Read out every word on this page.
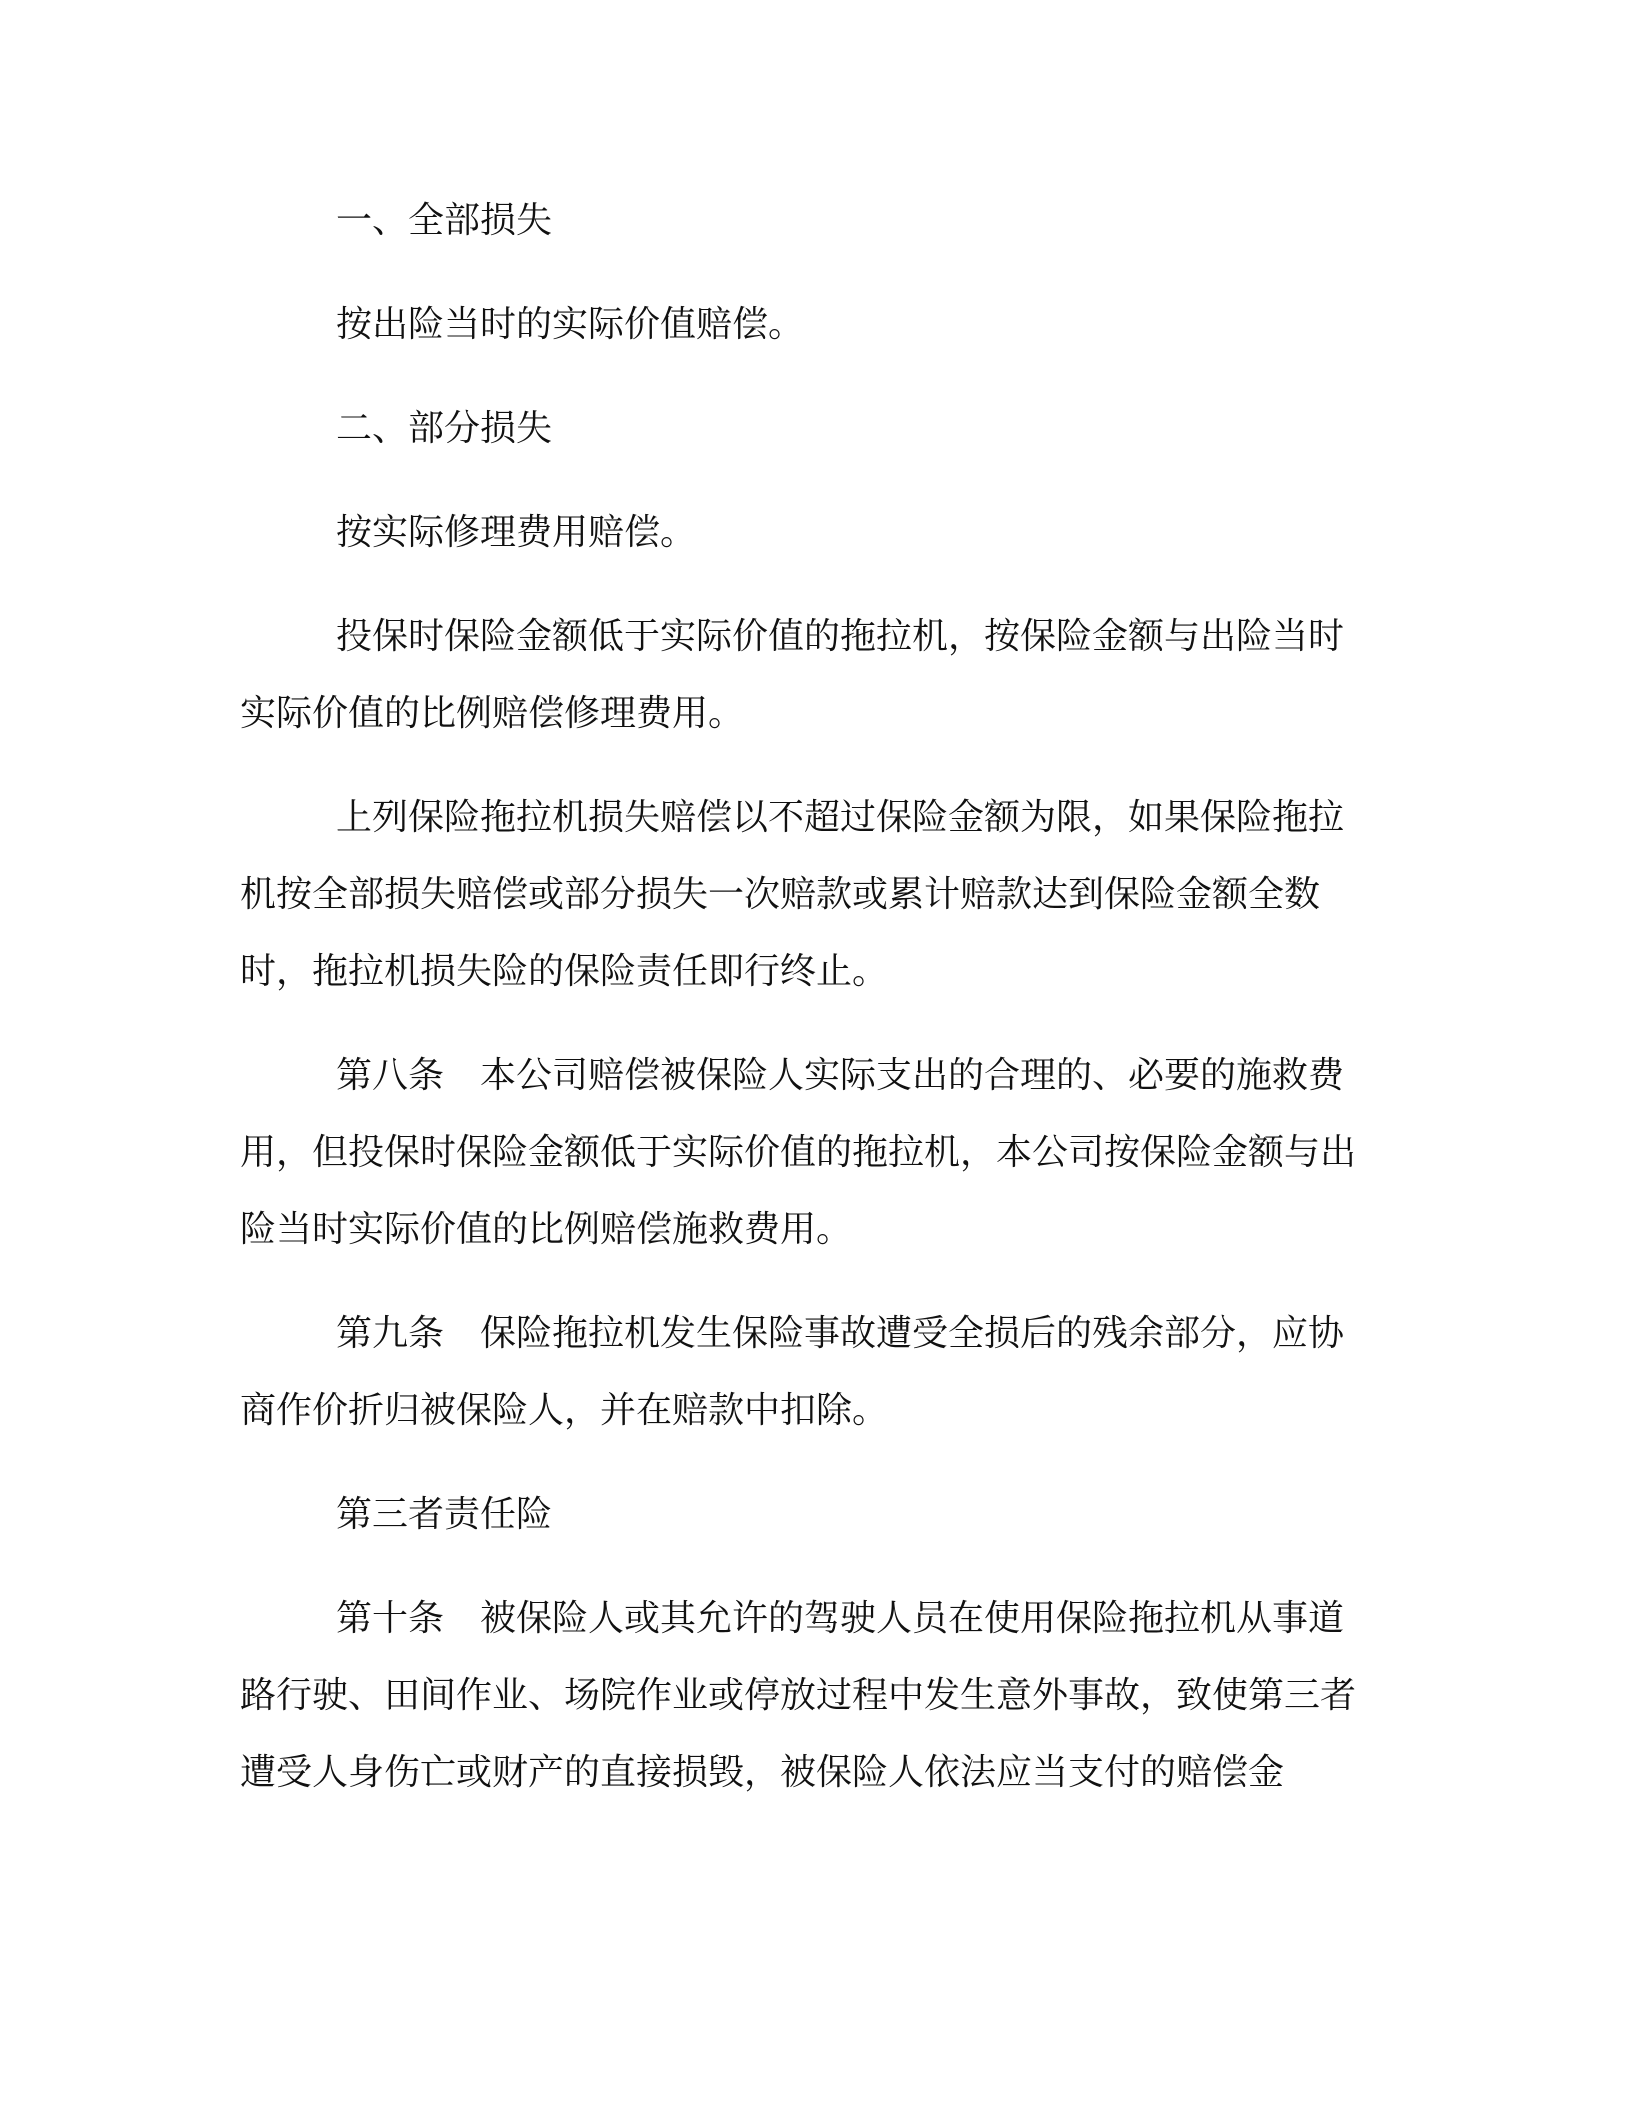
一、全部损失

按出险当时的实际价值赔偿。

二、部分损失

按实际修理费用赔偿。

投保时保险金额低于实际价值的拖拉机，按保险金额与出险当时实际价值的比例赔偿修理费用。

上列保险拖拉机损失赔偿以不超过保险金额为限，如果保险拖拉机按全部损失赔偿或部分损失一次赔款或累计赔款达到保险金额全数时，拖拉机损失险的保险责任即行终止。

第八条　本公司赔偿被保险人实际支出的合理的、必要的施救费用，但投保时保险金额低于实际价值的拖拉机，本公司按保险金额与出险当时实际价值的比例赔偿施救费用。

第九条　保险拖拉机发生保险事故遭受全损后的残余部分，应协商作价折归被保险人，并在赔款中扣除。

第三者责任险

第十条　被保险人或其允许的驾驶人员在使用保险拖拉机从事道路行驶、田间作业、场院作业或停放过程中发生意外事故，致使第三者遭受人身伤亡或财产的直接损毁，被保险人依法应当支付的赔偿金
